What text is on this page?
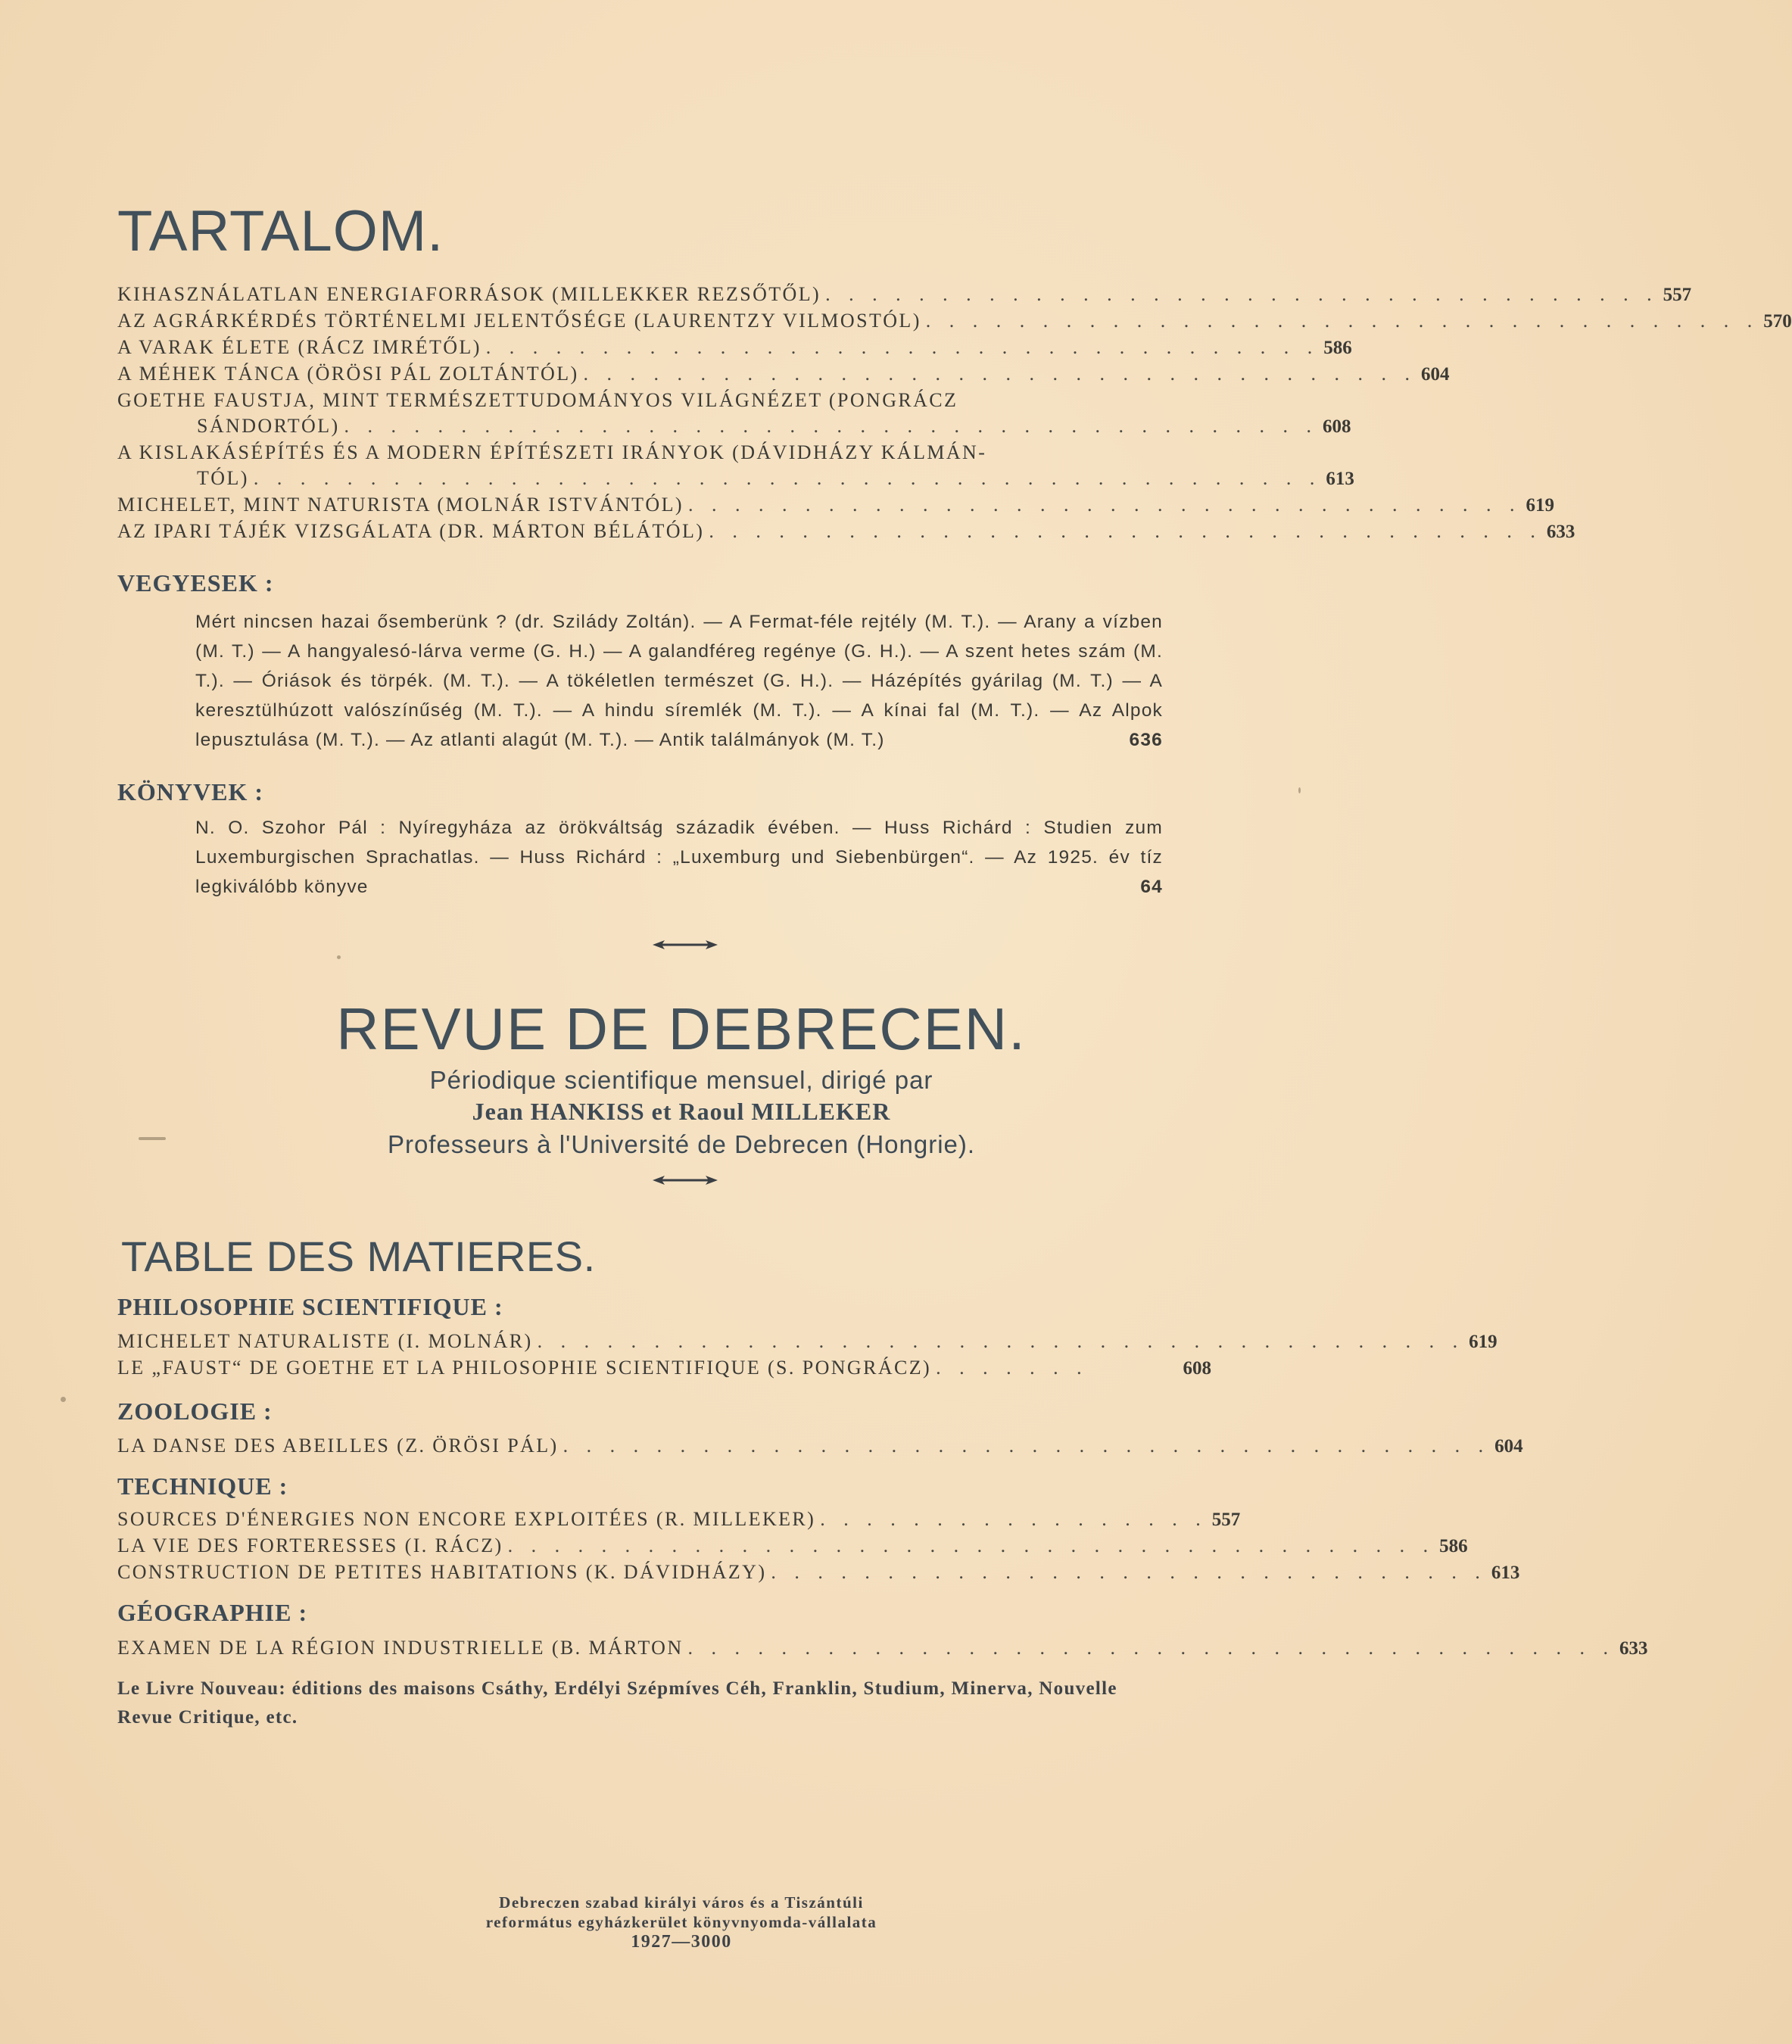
TARTALOM.
KIHASZNÁLATLAN ENERGIAFORRÁSOK (MILLEKKER REZSŐTŐL) . . . . . . . . . . . . . . . . . . . . . . . . . . . . . . . . . . . . 557
AZ AGRÁRKÉRDÉS TÖRTÉNELMI JELENTŐSÉGE (LAURENTZY VILMOSTÓL) . . . . . . . . . . . . . . . . . . . . . . . . . . . . . . . . . . . . 570
A VARAK ÉLETE (RÁCZ IMRÉTŐL) . . . . . . . . . . . . . . . . . . . . . . . . . . . . . . . . . . . . 586
A MÉHEK TÁNCA (ÖRÖSI PÁL ZOLTÁNTÓL) . . . . . . . . . . . . . . . . . . . . . . . . . . . . . . . . . . . . 604
GOETHE FAUSTJA, MINT TERMÉSZETTUDOMÁNYOS VILÁGNÉZET (PONGRÁCZ
SÁNDORTÓL) . . . . . . . . . . . . . . . . . . . . . . . . . . . . . . . . . . . . . . . . . . 608
A KISLAKÁSÉPÍTÉS ÉS A MODERN ÉPÍTÉSZETI IRÁNYOK (DÁVIDHÁZY KÁLMÁN-
TÓL) . . . . . . . . . . . . . . . . . . . . . . . . . . . . . . . . . . . . . . . . . . . . . . 613
MICHELET, MINT NATURISTA (MOLNÁR ISTVÁNTÓL) . . . . . . . . . . . . . . . . . . . . . . . . . . . . . . . . . . . . 619
AZ IPARI TÁJÉK VIZSGÁLATA (DR. MÁRTON BÉLÁTÓL) . . . . . . . . . . . . . . . . . . . . . . . . . . . . . . . . . . . . 633
VEGYESEK :
Mért nincsen hazai ősemberünk ? (dr. Szilády Zoltán). — A Fermat-féle rejtély (M. T.). — Arany a vízben (M. T.) — A hangyalesó-lárva verme (G. H.) — A galandféreg regénye (G. H.). — A szent hetes szám (M. T.). — Óriások és törpék. (M. T.). — A tökéletlen természet (G. H.). — Házépítés gyárilag (M. T.) — A keresztülhúzott valószínűség (M. T.). — A hindu síremlék (M. T.). — A kínai fal (M. T.). — Az Alpok lepusztulása (M. T.). — Az atlanti alagút (M. T.). — Antik találmányok (M. T.)	636
KÖNYVEK :
N. O. Szohor Pál : Nyíregyháza az örökváltság századik évében. — Huss Richárd : Studien zum Luxemburgischen Sprachatlas. — Huss Richárd : „Luxemburg und Siebenbürgen“. — Az 1925. év tíz legkiválóbb könyve	64
REVUE DE DEBRECEN.
Périodique scientifique mensuel, dirigé par
Jean HANKISS et Raoul MILLEKER
Professeurs à l'Université de Debrecen (Hongrie).
TABLE DES MATIERES.
PHILOSOPHIE SCIENTIFIQUE :
MICHELET NATURALISTE (I. MOLNÁR) . . . . . . . . . . . . . . . . . . . . . . . . . . . . . . . . . . . . . . . . 619
LE „FAUST“ DE GOETHE ET LA PHILOSOPHIE SCIENTIFIQUE (S. PONGRÁCZ) . . . . . . .	608
ZOOLOGIE :
LA DANSE DES ABEILLES (Z. ÖRÖSI PÁL) . . . . . . . . . . . . . . . . . . . . . . . . . . . . . . . . . . . . . . . . 604
TECHNIQUE :
SOURCES D'ÉNERGIES NON ENCORE EXPLOITÉES (R. MILLEKER) . . . . . . . . . . . . . . . . . 557
LA VIE DES FORTERESSES (I. RÁCZ) . . . . . . . . . . . . . . . . . . . . . . . . . . . . . . . . . . . . . . . . 586
CONSTRUCTION DE PETITES HABITATIONS (K. DÁVIDHÁZY) . . . . . . . . . . . . . . . . . . . . . . . . . . . . . . . 613
GÉOGRAPHIE :
EXAMEN DE LA RÉGION INDUSTRIELLE (B. MÁRTON . . . . . . . . . . . . . . . . . . . . . . . . . . . . . . . . . . . . . . . . 633
Le Livre Nouveau: éditions des maisons Csáthy, Erdélyi Szépmíves Céh, Franklin, Studium, Minerva, Nouvelle Revue Critique, etc.
Debreczen szabad királyi város és a Tiszántúli
református egyházkerület könyvnyomda-vállalata
1927—3000
